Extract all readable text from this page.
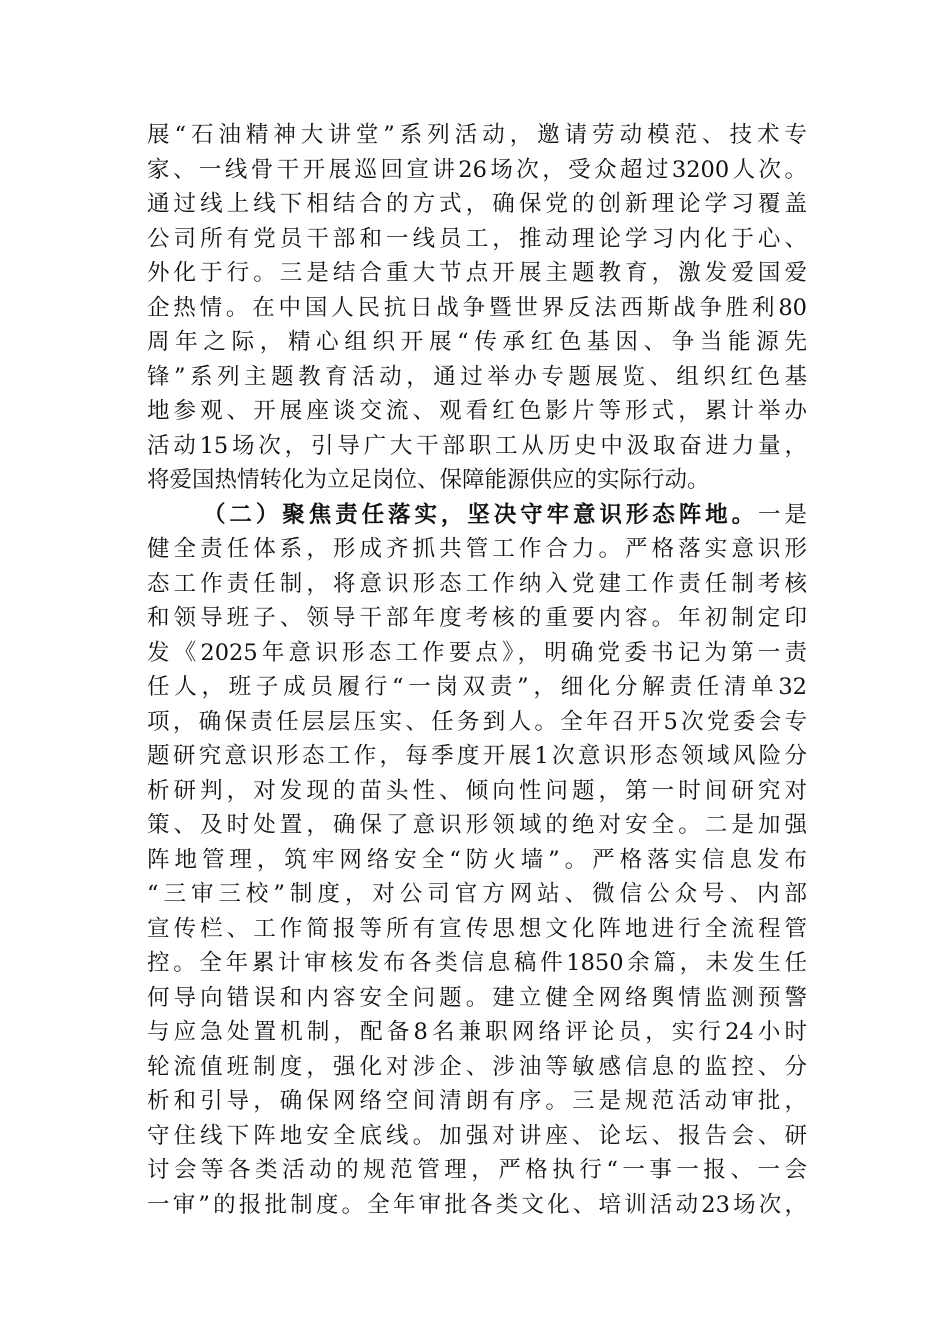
展“石油精神大讲堂”系列活动，邀请劳动模范、技术专
家、一线骨干开展巡回宣讲26场次，受众超过3200人次。
通过线上线下相结合的方式，确保党的创新理论学习覆盖
公司所有党员干部和一线员工，推动理论学习内化于心、
外化于行。三是结合重大节点开展主题教育，激发爱国爱
企热情。在中国人民抗日战争暨世界反法西斯战争胜利80
周年之际，精心组织开展“传承红色基因、争当能源先
锋”系列主题教育活动，通过举办专题展览、组织红色基
地参观、开展座谈交流、观看红色影片等形式，累计举办
活动15场次，引导广大干部职工从历史中汲取奋进力量，
将爱国热情转化为立足岗位、保障能源供应的实际行动。
（二）聚焦责任落实，坚决守牢意识形态阵地。一是
健全责任体系，形成齐抓共管工作合力。严格落实意识形
态工作责任制，将意识形态工作纳入党建工作责任制考核
和领导班子、领导干部年度考核的重要内容。年初制定印
发《2025年意识形态工作要点》，明确党委书记为第一责
任人，班子成员履行“一岗双责”，细化分解责任清单32
项，确保责任层层压实、任务到人。全年召开5次党委会专
题研究意识形态工作，每季度开展1次意识形态领域风险分
析研判，对发现的苗头性、倾向性问题，第一时间研究对
策、及时处置，确保了意识形领域的绝对安全。二是加强
阵地管理，筑牢网络安全“防火墙”。严格落实信息发布
“三审三校”制度，对公司官方网站、微信公众号、内部
宣传栏、工作简报等所有宣传思想文化阵地进行全流程管
控。全年累计审核发布各类信息稿件1850余篇，未发生任
何导向错误和内容安全问题。建立健全网络舆情监测预警
与应急处置机制，配备8名兼职网络评论员，实行24小时
轮流值班制度，强化对涉企、涉油等敏感信息的监控、分
析和引导，确保网络空间清朗有序。三是规范活动审批，
守住线下阵地安全底线。加强对讲座、论坛、报告会、研
讨会等各类活动的规范管理，严格执行“一事一报、一会
一审”的报批制度。全年审批各类文化、培训活动23场次，
